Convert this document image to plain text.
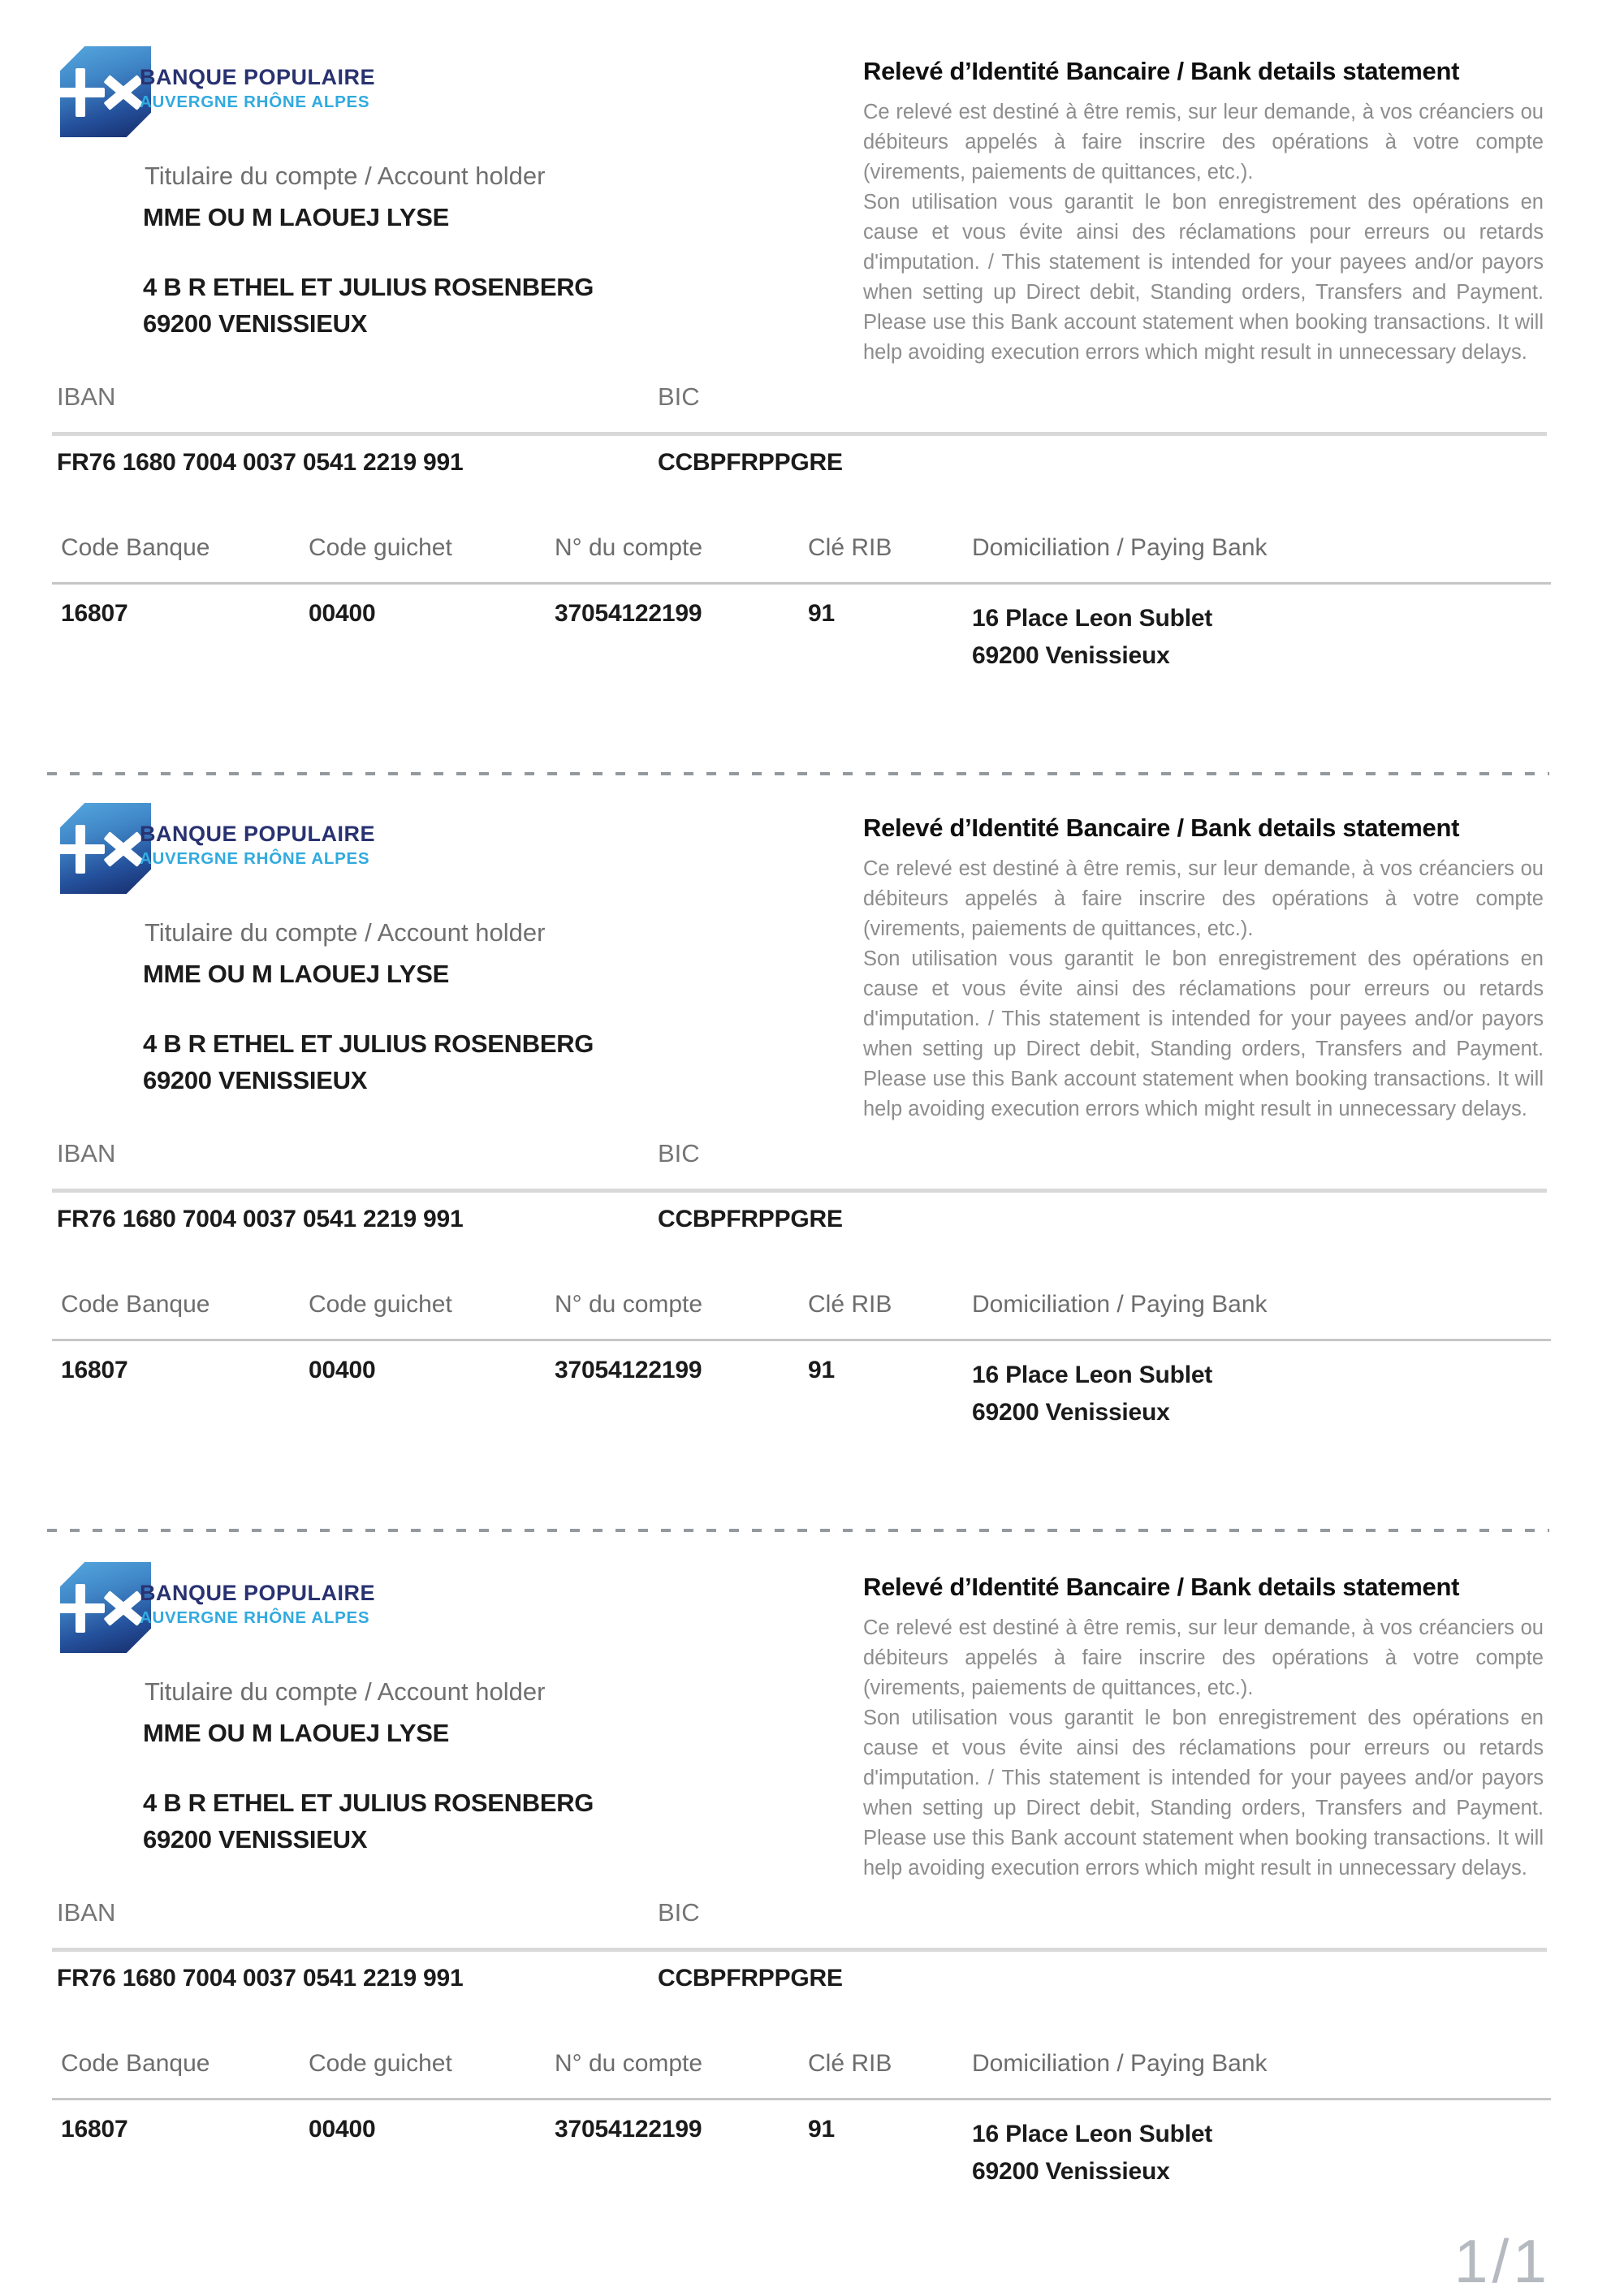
1/1
BANQUE POPULAIRE
AUVERGNE RHÔNE ALPES
Titulaire du compte / Account holder
MME OU M LAOUEJ LYSE
4 B R ETHEL ET JULIUS ROSENBERG
69200 VENISSIEUX
Relevé d’Identité Bancaire / Bank details statement

Ce relevé est destiné à être remis, sur leur demande, à vos créanciers ou débiteurs appelés à faire inscrire des opérations à votre compte (virements, paiements de quittances, etc.).

Son utilisation vous garantit le bon enregistrement des opérations en cause et vous évite ainsi des réclamations pour erreurs ou retards d'imputation. / This statement is intended for your payees and/or payors when setting up Direct debit, Standing orders, Transfers and Payment. Please use this Bank account statement when booking transactions. It will help avoiding execution errors which might result in unnecessary delays.

IBAN	BIC
FR76 1680 7004 0037 0541 2219 991	CCBPFRPPGRE
Code Banque	Code guichet	N° du compte	Clé RIB	Domiciliation / Paying Bank
16807	00400	37054122199	91	16 Place Leon Sublet
69200 Venissieux
BANQUE POPULAIRE
AUVERGNE RHÔNE ALPES
Titulaire du compte / Account holder
MME OU M LAOUEJ LYSE
4 B R ETHEL ET JULIUS ROSENBERG
69200 VENISSIEUX
Relevé d’Identité Bancaire / Bank details statement

Ce relevé est destiné à être remis, sur leur demande, à vos créanciers ou débiteurs appelés à faire inscrire des opérations à votre compte (virements, paiements de quittances, etc.).

Son utilisation vous garantit le bon enregistrement des opérations en cause et vous évite ainsi des réclamations pour erreurs ou retards d'imputation. / This statement is intended for your payees and/or payors when setting up Direct debit, Standing orders, Transfers and Payment. Please use this Bank account statement when booking transactions. It will help avoiding execution errors which might result in unnecessary delays.

IBAN	BIC
FR76 1680 7004 0037 0541 2219 991	CCBPFRPPGRE
Code Banque	Code guichet	N° du compte	Clé RIB	Domiciliation / Paying Bank
16807	00400	37054122199	91	16 Place Leon Sublet
69200 Venissieux
BANQUE POPULAIRE
AUVERGNE RHÔNE ALPES
Titulaire du compte / Account holder
MME OU M LAOUEJ LYSE
4 B R ETHEL ET JULIUS ROSENBERG
69200 VENISSIEUX
Relevé d’Identité Bancaire / Bank details statement

Ce relevé est destiné à être remis, sur leur demande, à vos créanciers ou débiteurs appelés à faire inscrire des opérations à votre compte (virements, paiements de quittances, etc.).

Son utilisation vous garantit le bon enregistrement des opérations en cause et vous évite ainsi des réclamations pour erreurs ou retards d'imputation. / This statement is intended for your payees and/or payors when setting up Direct debit, Standing orders, Transfers and Payment. Please use this Bank account statement when booking transactions. It will help avoiding execution errors which might result in unnecessary delays.

IBAN	BIC
FR76 1680 7004 0037 0541 2219 991	CCBPFRPPGRE
Code Banque	Code guichet	N° du compte	Clé RIB	Domiciliation / Paying Bank
16807	00400	37054122199	91	16 Place Leon Sublet
69200 Venissieux
